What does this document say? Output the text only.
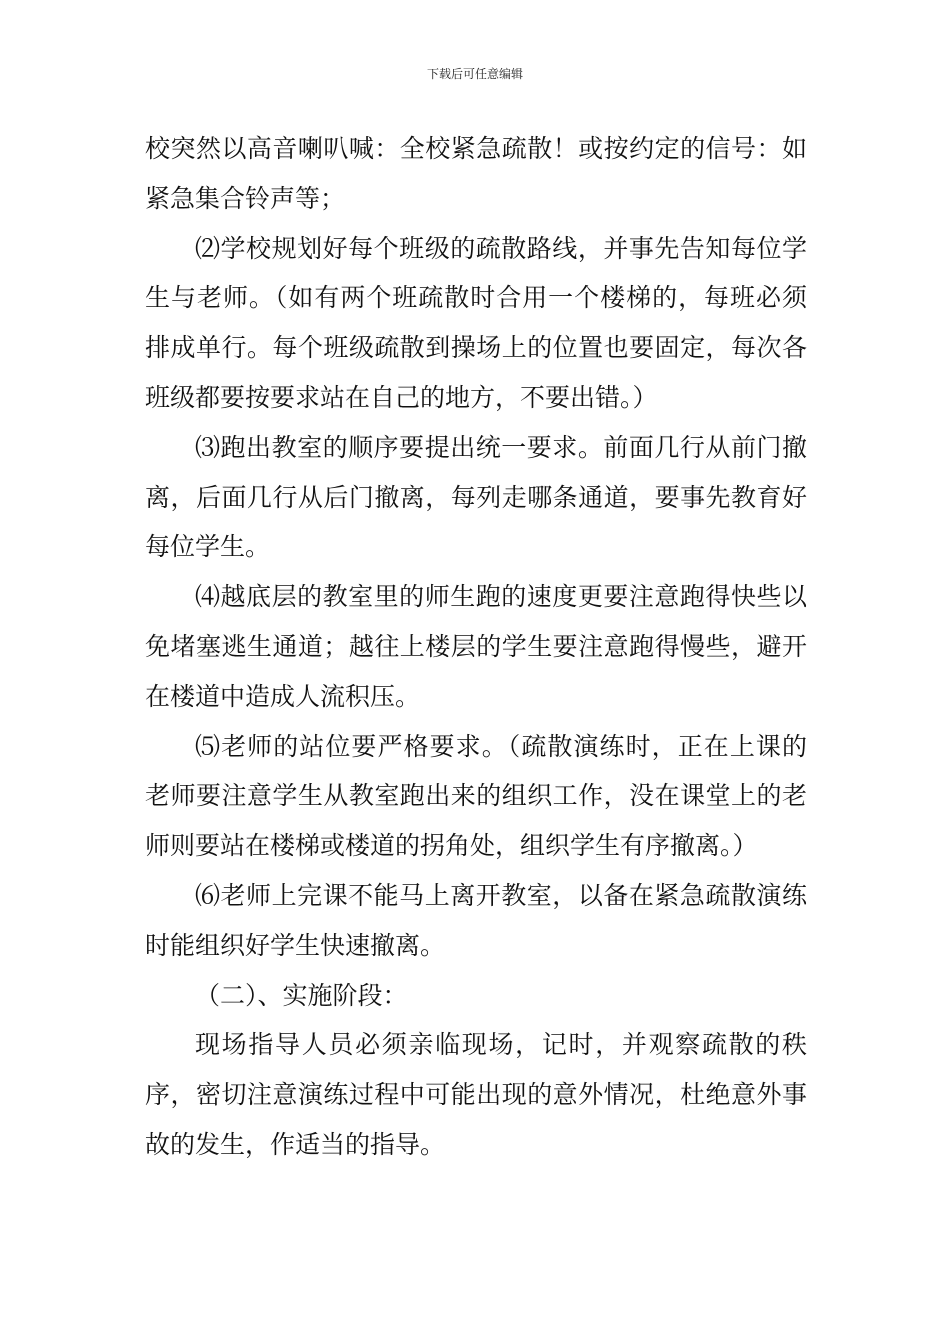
下载后可任意编辑

校突然以高音喇叭喊：全校紧急疏散！或按约定的信号：如紧急集合铃声等；

⑵学校规划好每个班级的疏散路线，并事先告知每位学生与老师。（如有两个班疏散时合用一个楼梯的，每班必须排成单行。每个班级疏散到操场上的位置也要固定，每次各班级都要按要求站在自己的地方，不要出错。）

⑶跑出教室的顺序要提出统一要求。前面几行从前门撤离，后面几行从后门撤离，每列走哪条通道，要事先教育好每位学生。

⑷越底层的教室里的师生跑的速度更要注意跑得快些以免堵塞逃生通道；越往上楼层的学生要注意跑得慢些，避开在楼道中造成人流积压。

⑸老师的站位要严格要求。（疏散演练时，正在上课的老师要注意学生从教室跑出来的组织工作，没在课堂上的老师则要站在楼梯或楼道的拐角处，组织学生有序撤离。）

⑹老师上完课不能马上离开教室，以备在紧急疏散演练时能组织好学生快速撤离。

（二）、实施阶段：

现场指导人员必须亲临现场，记时，并观察疏散的秩序，密切注意演练过程中可能出现的意外情况，杜绝意外事故的发生，作适当的指导。
